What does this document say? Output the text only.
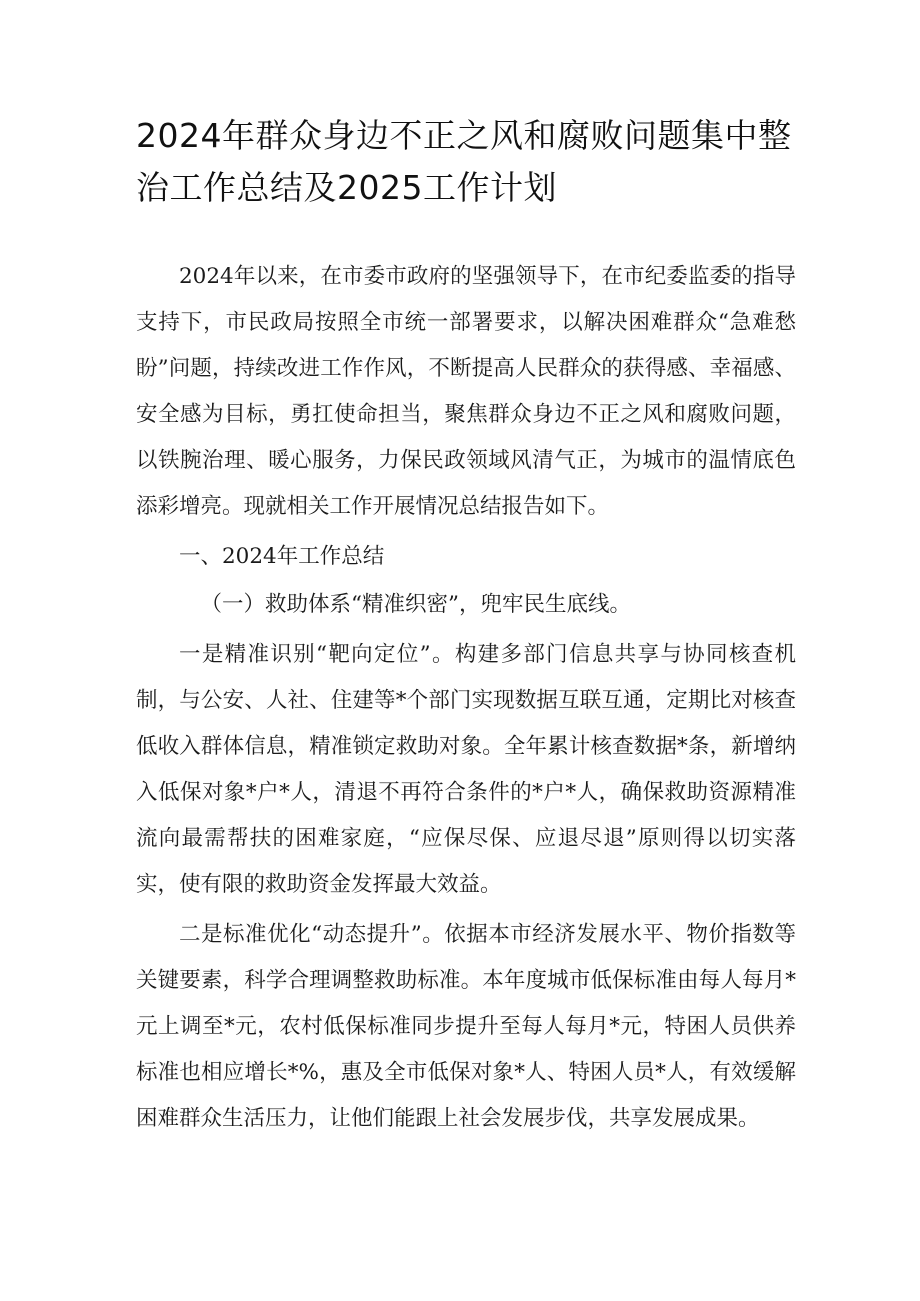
2024年群众身边不正之风和腐败问题集中整治工作总结及2025工作计划

2024年以来，在市委市政府的坚强领导下，在市纪委监委的指导支持下，市民政局按照全市统一部署要求，以解决困难群众“急难愁盼”问题，持续改进工作作风，不断提高人民群众的获得感、幸福感、安全感为目标，勇扛使命担当，聚焦群众身边不正之风和腐败问题，以铁腕治理、暖心服务，力保民政领域风清气正，为城市的温情底色添彩增亮。现就相关工作开展情况总结报告如下。

一、2024年工作总结

（一）救助体系“精准织密”，兜牢民生底线。

一是精准识别“靶向定位”。构建多部门信息共享与协同核查机制，与公安、人社、住建等*个部门实现数据互联互通，定期比对核查低收入群体信息，精准锁定救助对象。全年累计核查数据*条，新增纳入低保对象*户*人，清退不再符合条件的*户*人，确保救助资源精准流向最需帮扶的困难家庭，“应保尽保、应退尽退”原则得以切实落实，使有限的救助资金发挥最大效益。

二是标准优化“动态提升”。依据本市经济发展水平、物价指数等关键要素，科学合理调整救助标准。本年度城市低保标准由每人每月*元上调至*元，农村低保标准同步提升至每人每月*元，特困人员供养标准也相应增长*%，惠及全市低保对象*人、特困人员*人，有效缓解困难群众生活压力，让他们能跟上社会发展步伐，共享发展成果。
